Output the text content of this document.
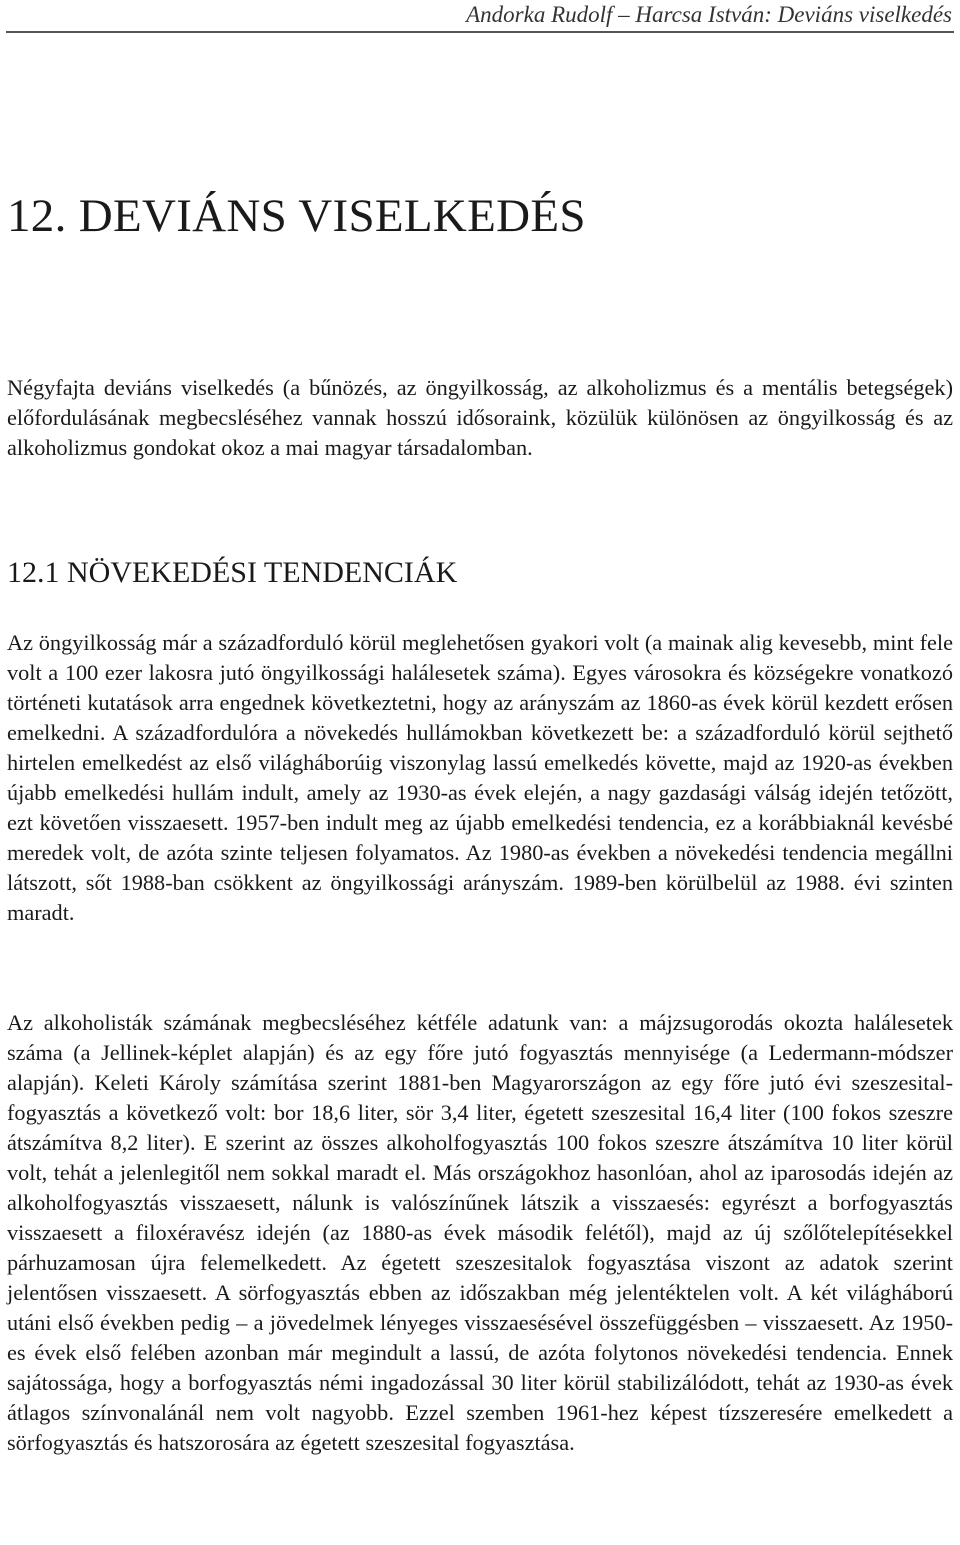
Andorka Rudolf – Harcsa István: Deviáns viselkedés
12. DEVIÁNS VISELKEDÉS

Négyfajta deviáns viselkedés (a bűnözés, az öngyilkosság, az alkoholizmus és a mentális betegségek) előfordulásának megbecsléséhez vannak hosszú idősoraink, közülük különösen az öngyilkosság és az alkoholizmus gondokat okoz a mai magyar társadalomban.

12.1 NÖVEKEDÉSI TENDENCIÁK

Az öngyilkosság már a századforduló körül meglehetősen gyakori volt (a mainak alig kevesebb, mint fele volt a 100 ezer lakosra jutó öngyilkossági halálesetek száma). Egyes városokra és községekre vonatkozó történeti kutatások arra engednek következtetni, hogy az arányszám az 1860-as évek körül kezdett erősen emelkedni. A századfordulóra a növekedés hullámokban következett be: a századforduló körül sejthető hirtelen emelkedést az első világháborúig viszonylag lassú emelkedés követte, majd az 1920-as években újabb emelkedési hullám indult, amely az 1930-as évek elején, a nagy gazdasági válság idején tetőzött, ezt követően visszaesett. 1957-ben indult meg az újabb emelkedési tendencia, ez a korábbiaknál kevésbé meredek volt, de azóta szinte teljesen folyamatos. Az 1980-as években a növekedési tendencia megállni látszott, sőt 1988-ban csökkent az öngyilkossági arányszám. 1989-ben körülbelül az 1988. évi szinten maradt.

Az alkoholisták számának megbecsléséhez kétféle adatunk van: a májzsugorodás okozta halálesetek száma (a Jellinek-képlet alapján) és az egy főre jutó fogyasztás mennyisége (a Ledermann-módszer alapján). Keleti Károly számítása szerint 1881-ben Magyarországon az egy főre jutó évi szeszesital-fogyasztás a következő volt: bor 18,6 liter, sör 3,4 liter, égetett szeszesital 16,4 liter (100 fokos szeszre átszámítva 8,2 liter). E szerint az összes alkoholfogyasztás 100 fokos szeszre átszámítva 10 liter körül volt, tehát a jelenlegitől nem sokkal maradt el. Más országokhoz hasonlóan, ahol az iparosodás idején az alkoholfogyasztás visszaesett, nálunk is valószínűnek látszik a visszaesés: egyrészt a borfogyasztás visszaesett a filoxéravész idején (az 1880-as évek második felétől), majd az új szőlőtelepítésekkel párhuzamosan újra felemelkedett. Az égetett szeszesitalok fogyasztása viszont az adatok szerint jelentősen visszaesett. A sörfogyasztás ebben az időszakban még jelentéktelen volt. A két világháború utáni első években pedig – a jövedelmek lényeges visszaesésével összefüggésben – visszaesett. Az 1950-es évek első felében azonban már megindult a lassú, de azóta folytonos növekedési tendencia. Ennek sajátossága, hogy a borfogyasztás némi ingadozással 30 liter körül stabilizálódott, tehát az 1930-as évek átlagos színvonalánál nem volt nagyobb. Ezzel szemben 1961-hez képest tízszeresére emelkedett a sörfogyasztás és hatszorosára az égetett szeszesital fogyasztása.
